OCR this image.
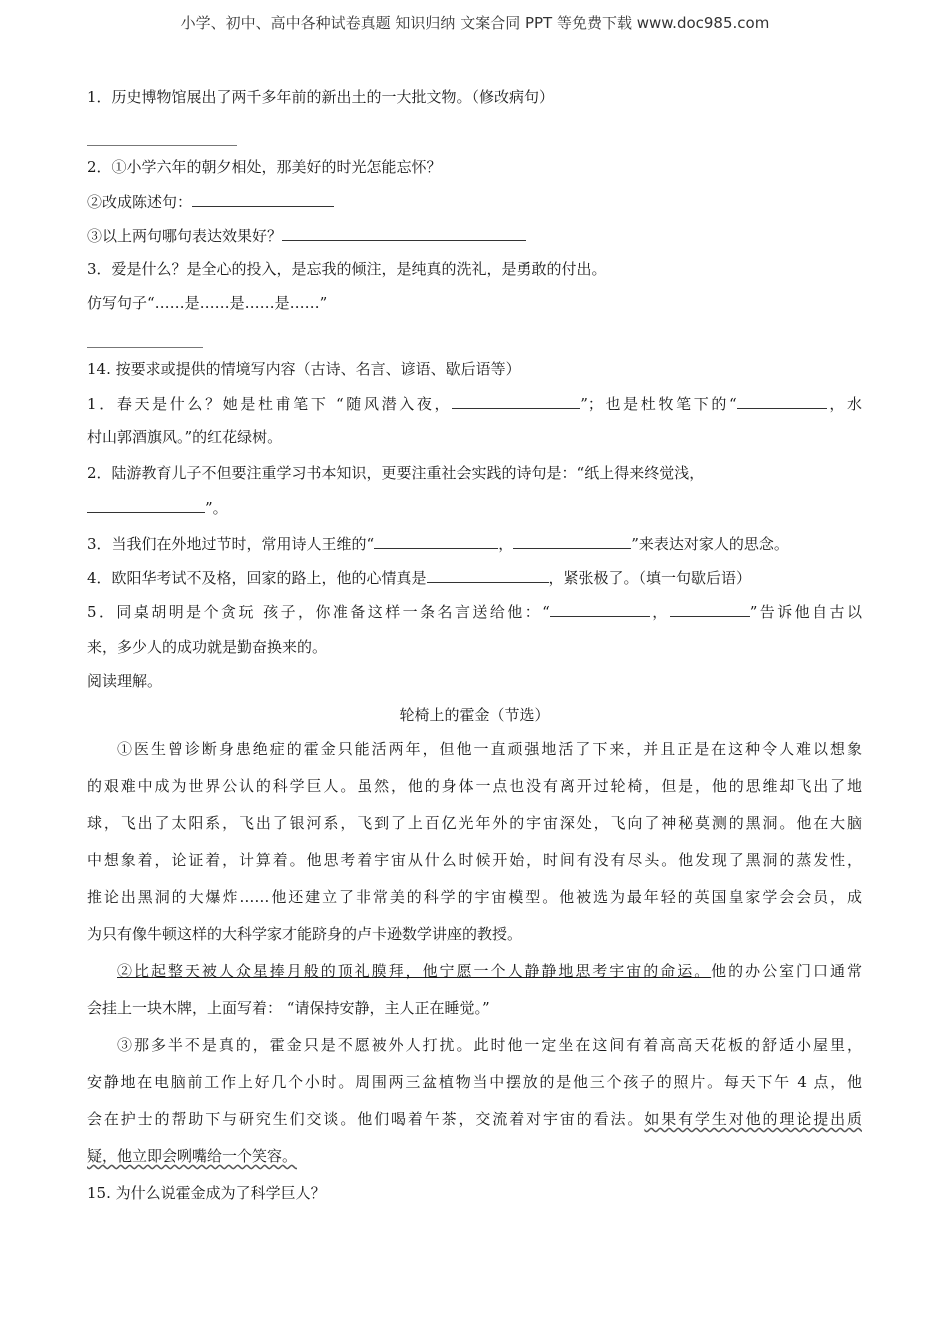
小学、初中、高中各种试卷真题 知识归纳 文案合同 PPT 等免费下载 www.doc985.com
1．历史博物馆展出了两千多年前的新出土的一大批文物。（修改病句）
2．①小学六年的朝夕相处，那美好的时光怎能忘怀？
②改成陈述句：
③以上两句哪句表达效果好？
3．爱是什么？是全心的投入，是忘我的倾注，是纯真的洗礼，是勇敢的付出。
仿写句子“……是……是……是……”
14. 按要求或提供的情境写内容（古诗、名言、谚语、歇后语等）
1．春天是什么？她是杜甫笔下 “随风潜入夜，	”；也是杜牧笔下的“	，水
村山郭酒旗风。”的红花绿树。
2．陆游教育儿子不但要注重学习书本知识，更要注重社会实践的诗句是：“纸上得来终觉浅，
”。
3．当我们在外地过节时，常用诗人王维的“	，	”来表达对家人的思念。
4．欧阳华考试不及格，回家的路上，他的心情真是	，紧张极了。（填一句歇后语）
5．同桌胡明是个贪玩 孩子，你准备这样一条名言送给他：“	，	”告诉他自古以
来，多少人的成功就是勤奋换来的。
阅读理解。
轮椅上的霍金（节选）
①医生曾诊断身患绝症的霍金只能活两年，但他一直顽强地活了下来，并且正是在这种令人难以想象
的艰难中成为世界公认的科学巨人。虽然，他的身体一点也没有离开过轮椅，但是，他的思维却飞出了地
球，飞出了太阳系，飞出了银河系，飞到了上百亿光年外的宇宙深处，飞向了神秘莫测的黑洞。他在大脑
中想象着，论证着，计算着。他思考着宇宙从什么时候开始，时间有没有尽头。他发现了黑洞的蒸发性，
推论出黑洞的大爆炸……他还建立了非常美的科学的宇宙模型。他被选为最年轻的英国皇家学会会员，成
为只有像牛顿这样的大科学家才能跻身的卢卡逊数学讲座的教授。
②比起整天被人众星捧月般的顶礼膜拜，他宁愿一个人静静地思考宇宙的命运。他的办公室门口通常
会挂上一块木牌，上面写着： “请保持安静，主人正在睡觉。”
③那多半不是真的，霍金只是不愿被外人打扰。此时他一定坐在这间有着高高天花板的舒适小屋里，
安静地在电脑前工作上好几个小时。周围两三盆植物当中摆放的是他三个孩子的照片。每天下午 4 点，他
会在护士的帮助下与研究生们交谈。他们喝着午茶，交流着对宇宙的看法。如果有学生对他的理论提出质
疑，他立即会咧嘴给一个笑容。
15. 为什么说霍金成为了科学巨人？
